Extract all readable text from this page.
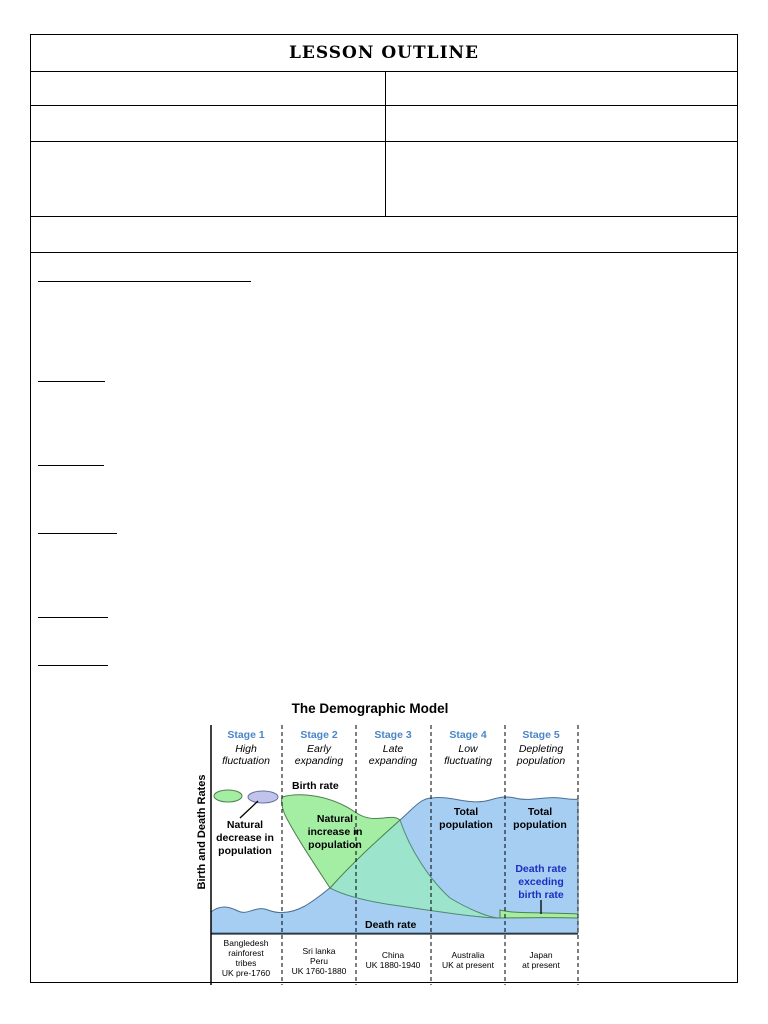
LESSON OUTLINE
The Demographic Model
Birth and Death Rates
Stage 1
High
fluctuation
Stage 2
Early
expanding
Stage 3
Late
expanding
Stage 4
Low
fluctuating
Stage 5
Depleting
population
Birth rate
Death rate
Natural
decrease in
population
Natural
increase in
population
Total
population
Total
population
Death rate
exceding
birth rate
Bangledesh
rainforest
tribes
UK pre-1760
Sri lanka
Peru
UK 1760-1880
China
UK 1880-1940
Australia
UK at present
Japan
at present
